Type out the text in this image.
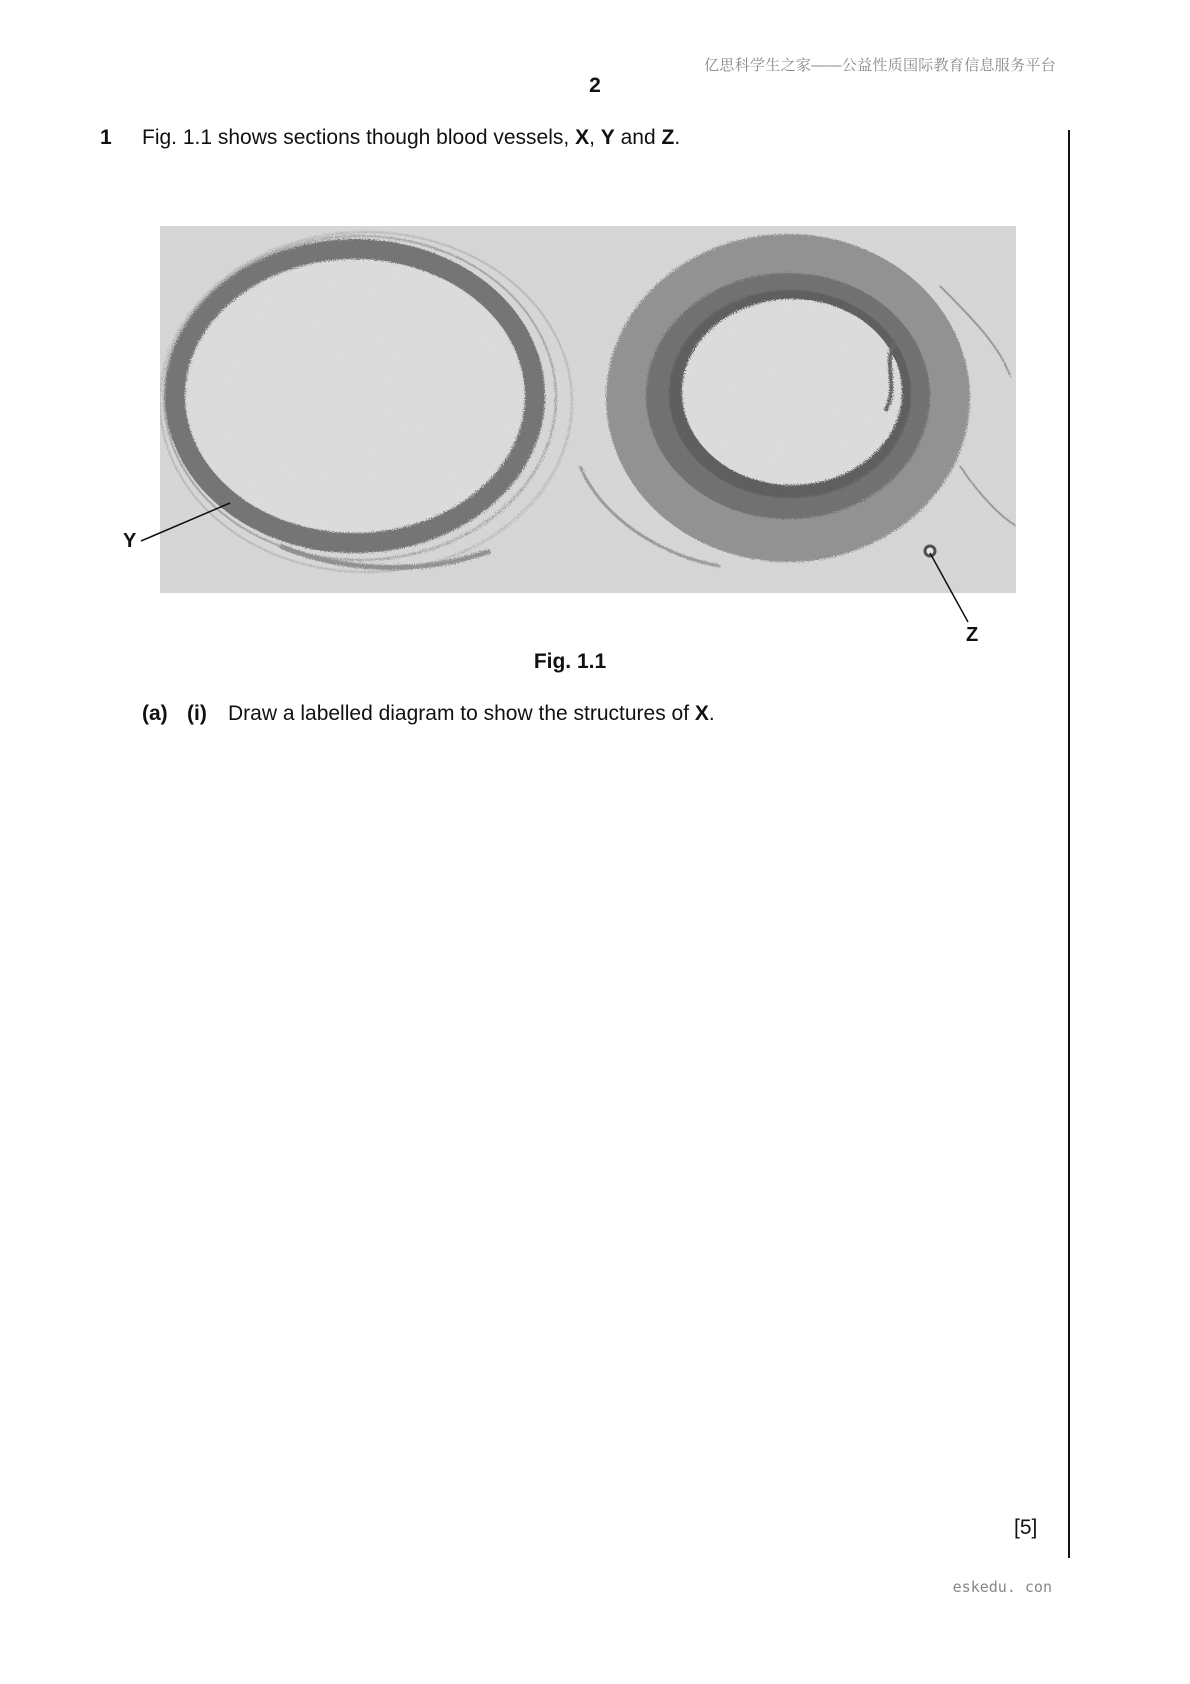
亿思科学生之家——公益性质国际教育信息服务平台
2
1 Fig. 1.1 shows sections though blood vessels, X, Y and Z.
Y
Z
Fig. 1.1
(a) (i) Draw a labelled diagram to show the structures of X.
[5]
eskedu. con
